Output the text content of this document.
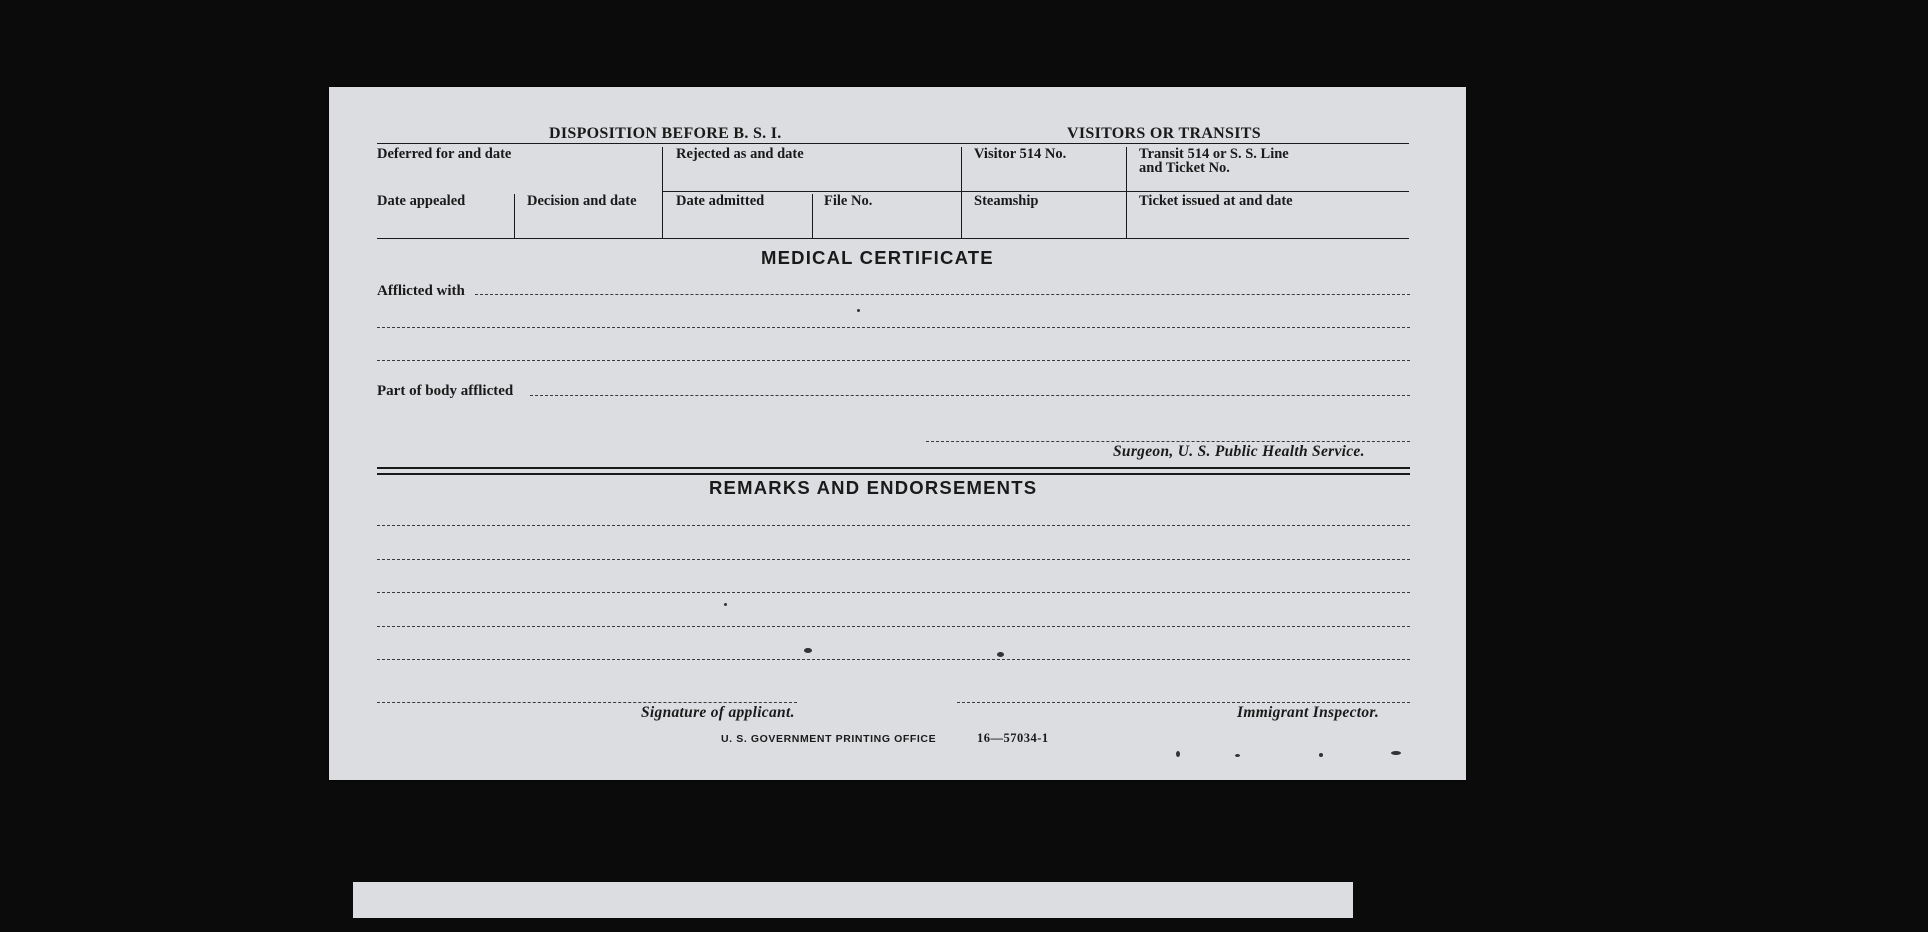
DISPOSITION BEFORE B. S. I.	VISITORS OR TRANSITS
Deferred for and date	Rejected as and date	Visitor 514 No.	Transit 514 or S. S. Line
and Ticket No.
Date appealed	Decision and date	Date admitted	File No.	Steamship	Ticket issued at and date
MEDICAL CERTIFICATE
Afflicted with
Part of body afflicted
Surgeon, U. S. Public Health Service.
REMARKS AND ENDORSEMENTS
Signature of applicant.	Immigrant Inspector.
U. S. GOVERNMENT PRINTING OFFICE	16—57034-1
